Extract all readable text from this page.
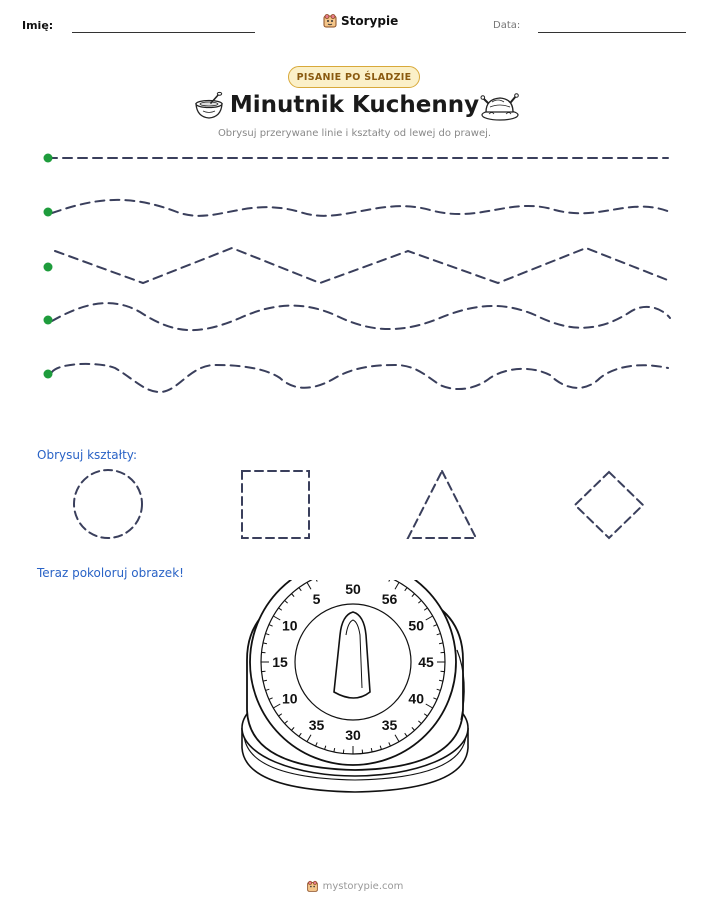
Imię:	Storypie	Data:
PISANIE PO ŚLADZIE
Minutnik Kuchenny
Obrysuj przerywane linie i kształty od lewej do prawej.
Obrysuj kształty:
Teraz pokoloruj obrazek!
50
56
50
45
40
35
30
35
10
15
10
5
mystorypie.com
